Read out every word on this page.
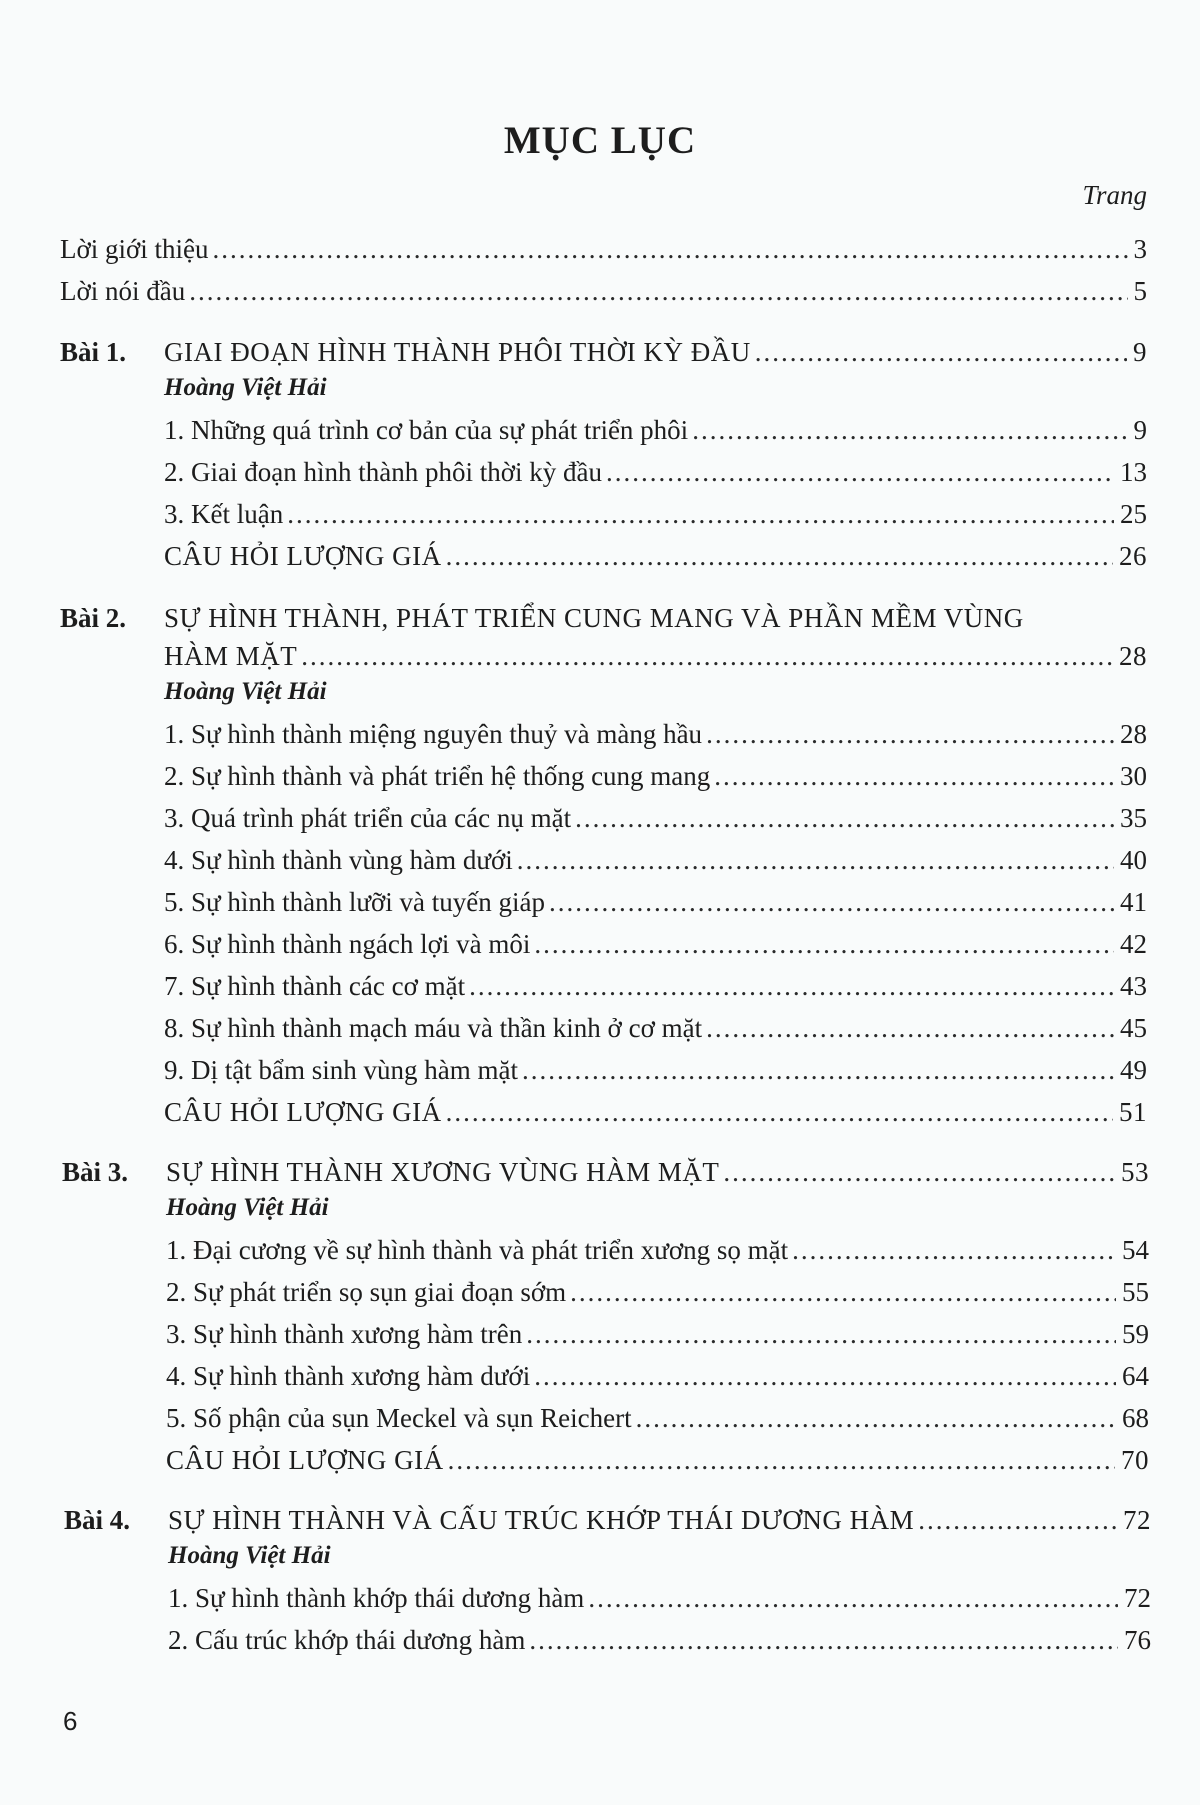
MỤC LỤC
Trang
Lời giới thiệu .....	3
Lời nói đầu .....	5
Bài 1. GIAI ĐOẠN HÌNH THÀNH PHÔI THỜI KỲ ĐẦU .....	9
Hoàng Việt Hải
1. Những quá trình cơ bản của sự phát triển phôi .....	9
2. Giai đoạn hình thành phôi thời kỳ đầu .....	13
3. Kết luận .....	25
CÂU HỎI LƯỢNG GIÁ .....	26
Bài 2. SỰ HÌNH THÀNH, PHÁT TRIỂN CUNG MANG VÀ PHẦN MỀM VÙNG
HÀM MẶT .....	28
Hoàng Việt Hải
1. Sự hình thành miệng nguyên thuỷ và màng hầu .....	28
2. Sự hình thành và phát triển hệ thống cung mang .....	30
3. Quá trình phát triển của các nụ mặt .....	35
4. Sự hình thành vùng hàm dưới .....	40
5. Sự hình thành lưỡi và tuyến giáp .....	41
6. Sự hình thành ngách lợi và môi .....	42
7. Sự hình thành các cơ mặt .....	43
8. Sự hình thành mạch máu và thần kinh ở cơ mặt .....	45
9. Dị tật bẩm sinh vùng hàm mặt .....	49
CÂU HỎI LƯỢNG GIÁ .....	51
Bài 3. SỰ HÌNH THÀNH XƯƠNG VÙNG HÀM MẶT .....	53
Hoàng Việt Hải
1. Đại cương về sự hình thành và phát triển xương sọ mặt .....	54
2. Sự phát triển sọ sụn giai đoạn sớm .....	55
3. Sự hình thành xương hàm trên .....	59
4. Sự hình thành xương hàm dưới .....	64
5. Số phận của sụn Meckel và sụn Reichert .....	68
CÂU HỎI LƯỢNG GIÁ .....	70
Bài 4. SỰ HÌNH THÀNH VÀ CẤU TRÚC KHỚP THÁI DƯƠNG HÀM .....	72
Hoàng Việt Hải
1. Sự hình thành khớp thái dương hàm .....	72
2. Cấu trúc khớp thái dương hàm .....	76
6
